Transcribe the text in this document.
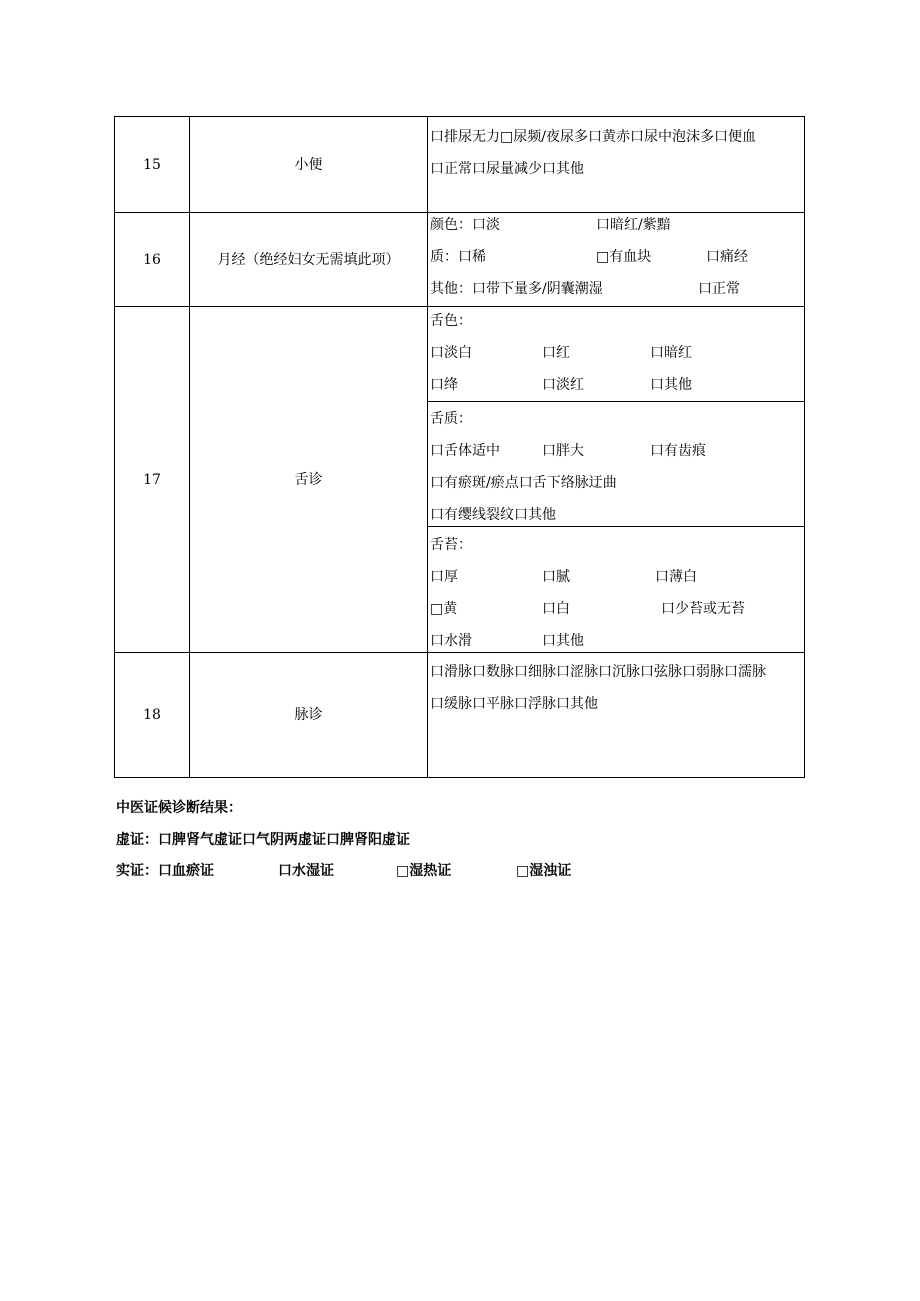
15	小便	口排尿无力□尿频/夜尿多口黄赤口尿中泡沫多口便血
口正常口尿量减少口其他

16	月经（绝经妇女无需填此项）	颜色：口淡 口暗红/紫黯
质：口稀 □有血块 口痛经
其他：口带下量多/阴囊潮湿 口正常

17	舌诊	舌色：
口淡白 口红 口暗红
口绛 口淡红 口其他

		舌质：
口舌体适中 口胖大 口有齿痕
口有瘀斑/瘀点口舌下络脉迂曲
口有缨线裂纹口其他

		舌苔：
口厚 口腻 口薄白
□黄 口白 口少苔或无苔
口水滑 口其他

18	脉诊	口滑脉口数脉口细脉口涩脉口沉脉口弦脉口弱脉口濡脉
口缓脉口平脉口浮脉口其他
中医证候诊断结果：
虚证：口脾肾气虚证口气阴两虚证口脾肾阳虚证
实证：口血瘀证	口水湿证	□湿热证	□湿浊证
